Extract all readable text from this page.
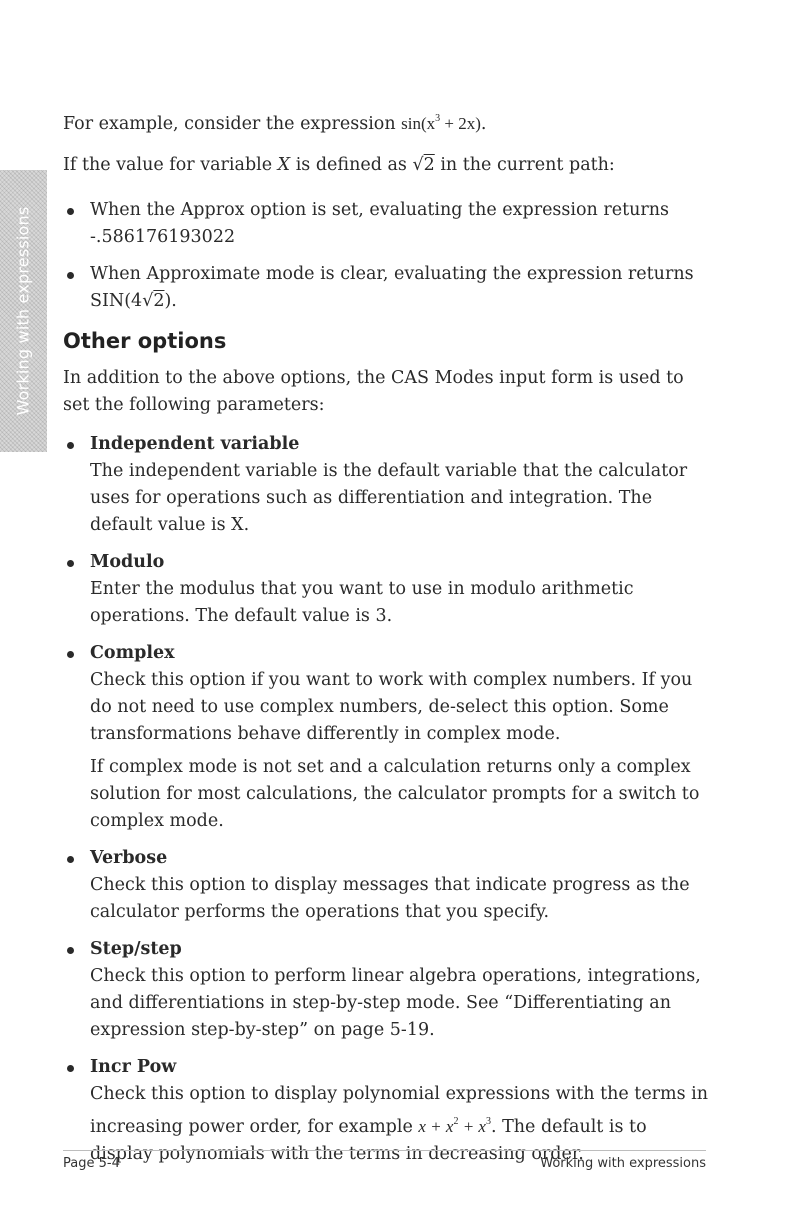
Working with expressions

For example, consider the expression $\sin(x^3 + 2x)$.

If the value for variable X is defined as √2 in the current path:

When the Approx option is set, evaluating the expression returns
-.586176193022

When Approximate mode is clear, evaluating the expression returns
SIN(4√2).

Other options

In addition to the above options, the CAS Modes input form is used to set the following parameters:

Independent variable

The independent variable is the default variable that the calculator uses for operations such as differentiation and integration. The default value is X.

Modulo

Enter the modulus that you want to use in modulo arithmetic operations. The default value is 3.

Complex

Check this option if you want to work with complex numbers. If you do not need to use complex numbers, de-select this option. Some transformations behave differently in complex mode.

If complex mode is not set and a calculation returns only a complex solution for most calculations, the calculator prompts for a switch to complex mode.

Verbose

Check this option to display messages that indicate progress as the calculator performs the operations that you specify.

Step/step

Check this option to perform linear algebra operations, integrations, and differentiations in step-by-step mode. See “Differentiating an expression step-by-step” on page 5-19.

Incr Pow

Check this option to display polynomial expressions with the terms in increasing power order, for example $x + x^2 + x^3$. The default is to display polynomials with the terms in decreasing order.

Page 5-4	Working with expressions
